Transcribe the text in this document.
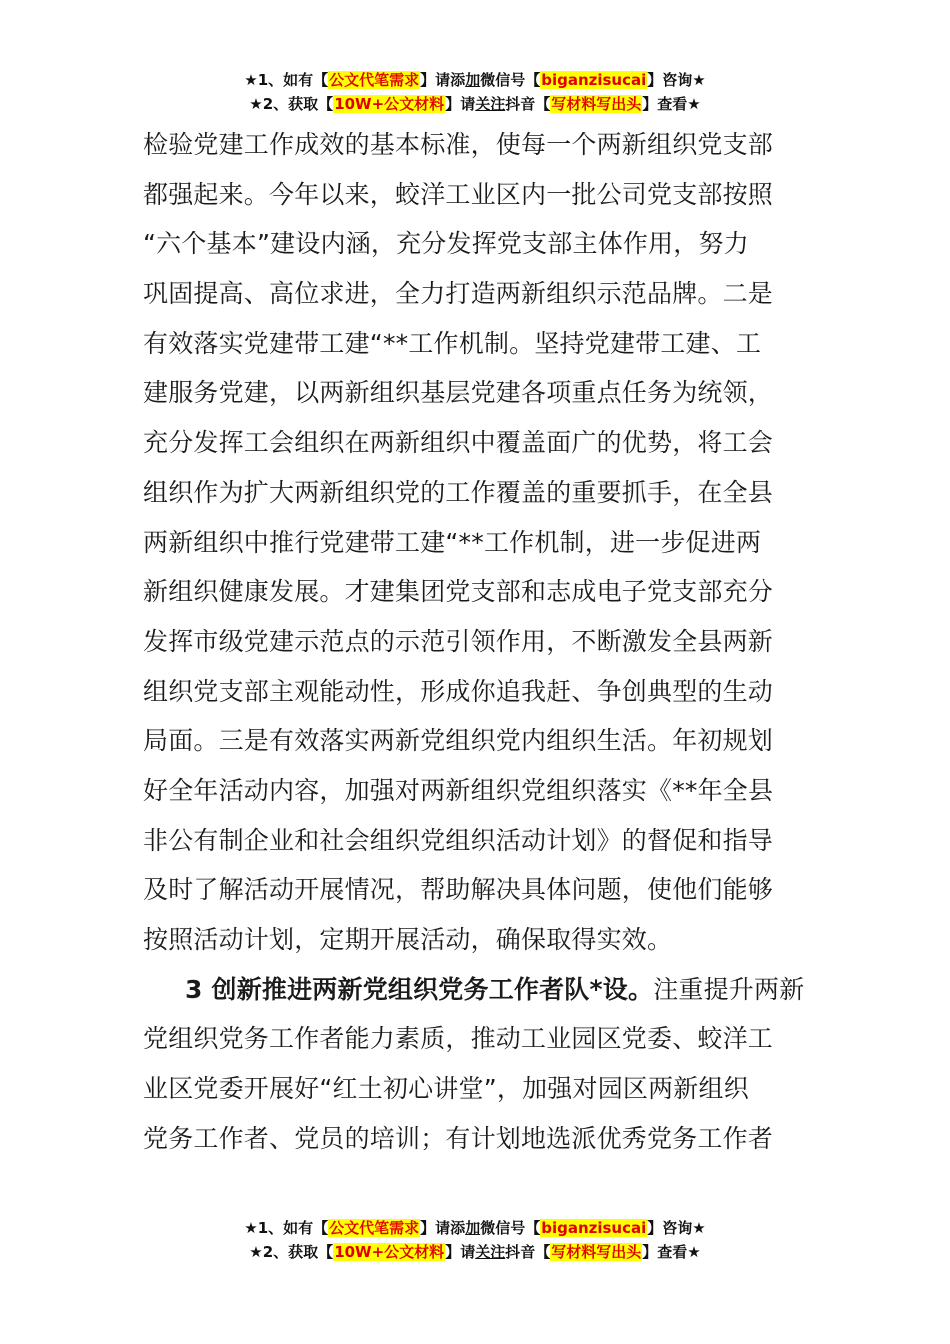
★1、如有【公文代笔需求】请添加微信号【biganzisucai】咨询★
★2、获取【10W+公文材料】请关注抖音【写材料写出头】查看★
检验党建工作成效的基本标准，使每一个两新组织党支部
都强起来。今年以来，蛟洋工业区内一批公司党支部按照
“六个基本”建设内涵，充分发挥党支部主体作用，努力
巩固提高、高位求进，全力打造两新组织示范品牌。二是
有效落实党建带工建“**工作机制。坚持党建带工建、工
建服务党建，以两新组织基层党建各项重点任务为统领，
充分发挥工会组织在两新组织中覆盖面广的优势，将工会
组织作为扩大两新组织党的工作覆盖的重要抓手，在全县
两新组织中推行党建带工建“**工作机制，进一步促进两
新组织健康发展。才建集团党支部和志成电子党支部充分
发挥市级党建示范点的示范引领作用，不断激发全县两新
组织党支部主观能动性，形成你追我赶、争创典型的生动
局面。三是有效落实两新党组织党内组织生活。年初规划
好全年活动内容，加强对两新组织党组织落实《**年全县
非公有制企业和社会组织党组织活动计划》的督促和指导
及时了解活动开展情况，帮助解决具体问题，使他们能够
按照活动计划，定期开展活动，确保取得实效。
3 创新推进两新党组织党务工作者队*设。注重提升两新
党组织党务工作者能力素质，推动工业园区党委、蛟洋工
业区党委开展好“红土初心讲堂”，加强对园区两新组织
党务工作者、党员的培训；有计划地选派优秀党务工作者
★1、如有【公文代笔需求】请添加微信号【biganzisucai】咨询★
★2、获取【10W+公文材料】请关注抖音【写材料写出头】查看★
